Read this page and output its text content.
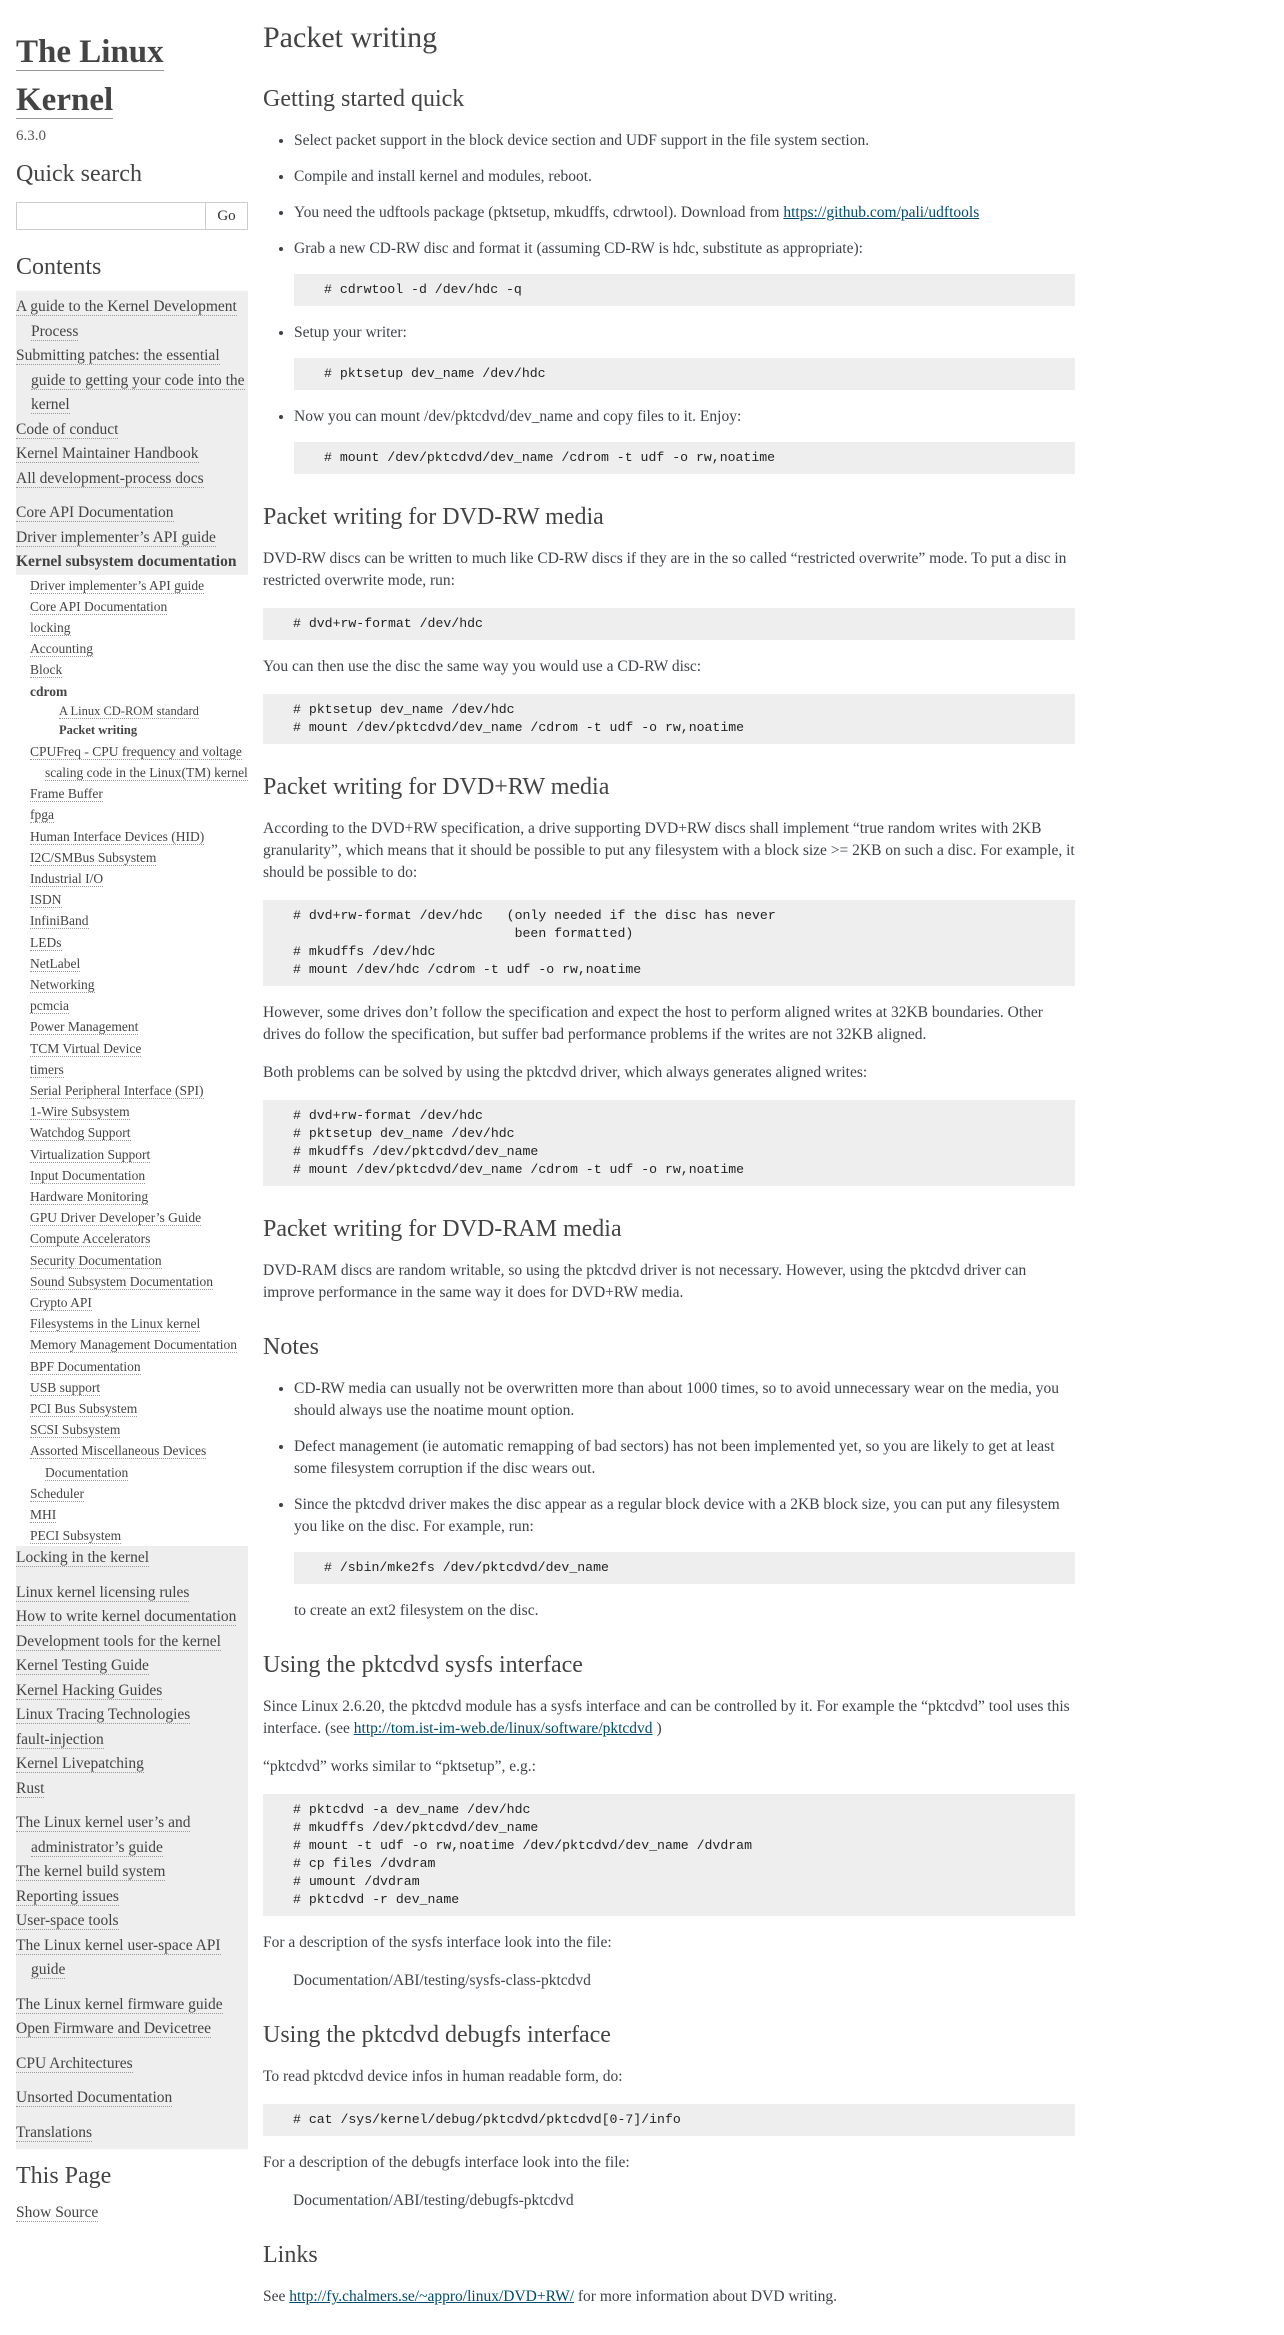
The Linux
Kernel
6.3.0
Quick search
Go
Contents
A guide to the Kernel Development Process
Submitting patches: the essential guide to getting your code into the kernel
Code of conduct
Kernel Maintainer Handbook
All development-process docs
Core API Documentation
Driver implementer’s API guide
Kernel subsystem documentation
Driver implementer’s API guide
Core API Documentation
locking
Accounting
Block
cdrom
A Linux CD-ROM standard
Packet writing
CPUFreq - CPU frequency and voltage scaling code in the Linux(TM) kernel
Frame Buffer
fpga
Human Interface Devices (HID)
I2C/SMBus Subsystem
Industrial I/O
ISDN
InfiniBand
LEDs
NetLabel
Networking
pcmcia
Power Management
TCM Virtual Device
timers
Serial Peripheral Interface (SPI)
1-Wire Subsystem
Watchdog Support
Virtualization Support
Input Documentation
Hardware Monitoring
GPU Driver Developer’s Guide
Compute Accelerators
Security Documentation
Sound Subsystem Documentation
Crypto API
Filesystems in the Linux kernel
Memory Management Documentation
BPF Documentation
USB support
PCI Bus Subsystem
SCSI Subsystem
Assorted Miscellaneous Devices Documentation
Scheduler
MHI
PECI Subsystem
Locking in the kernel
Linux kernel licensing rules
How to write kernel documentation
Development tools for the kernel
Kernel Testing Guide
Kernel Hacking Guides
Linux Tracing Technologies
fault-injection
Kernel Livepatching
Rust
The Linux kernel user’s and administrator’s guide
The kernel build system
Reporting issues
User-space tools
The Linux kernel user-space API guide
The Linux kernel firmware guide
Open Firmware and Devicetree
CPU Architectures
Unsorted Documentation
Translations
This Page
Show Source
Packet writing
Getting started quick

• Select packet support in the block device section and UDF support in the file system section.

• Compile and install kernel and modules, reboot.

• You need the udftools package (pktsetup, mkudffs, cdrwtool). Download from https://github.com/pali/udftools

• Grab a new CD-RW disc and format it (assuming CD-RW is hdc, substitute as appropriate):

# cdrwtool -d /dev/hdc -q

• Setup your writer:

# pktsetup dev_name /dev/hdc

• Now you can mount /dev/pktcdvd/dev_name and copy files to it. Enjoy:

# mount /dev/pktcdvd/dev_name /cdrom -t udf -o rw,noatime
Packet writing for DVD-RW media

DVD-RW discs can be written to much like CD-RW discs if they are in the so called “restricted overwrite” mode. To put a disc in restricted overwrite mode, run:

# dvd+rw-format /dev/hdc

You can then use the disc the same way you would use a CD-RW disc:

# pktsetup dev_name /dev/hdc
# mount /dev/pktcdvd/dev_name /cdrom -t udf -o rw,noatime
Packet writing for DVD+RW media

According to the DVD+RW specification, a drive supporting DVD+RW discs shall implement “true random writes with 2KB granularity”, which means that it should be possible to put any filesystem with a block size >= 2KB on such a disc. For example, it should be possible to do:

# dvd+rw-format /dev/hdc   (only needed if the disc has never
been formatted)
# mkudffs /dev/hdc
# mount /dev/hdc /cdrom -t udf -o rw,noatime

However, some drives don’t follow the specification and expect the host to perform aligned writes at 32KB boundaries. Other drives do follow the specification, but suffer bad performance problems if the writes are not 32KB aligned.

Both problems can be solved by using the pktcdvd driver, which always generates aligned writes:

# dvd+rw-format /dev/hdc
# pktsetup dev_name /dev/hdc
# mkudffs /dev/pktcdvd/dev_name
# mount /dev/pktcdvd/dev_name /cdrom -t udf -o rw,noatime
Packet writing for DVD-RAM media

DVD-RAM discs are random writable, so using the pktcdvd driver is not necessary. However, using the pktcdvd driver can improve performance in the same way it does for DVD+RW media.

Notes

• CD-RW media can usually not be overwritten more than about 1000 times, so to avoid unnecessary wear on the media, you should always use the noatime mount option.

• Defect management (ie automatic remapping of bad sectors) has not been implemented yet, so you are likely to get at least some filesystem corruption if the disc wears out.

• Since the pktcdvd driver makes the disc appear as a regular block device with a 2KB block size, you can put any filesystem you like on the disc. For example, run:

# /sbin/mke2fs /dev/pktcdvd/dev_name

to create an ext2 filesystem on the disc.

Using the pktcdvd sysfs interface

Since Linux 2.6.20, the pktcdvd module has a sysfs interface and can be controlled by it. For example the “pktcdvd” tool uses this interface. (see http://tom.ist-im-web.de/linux/software/pktcdvd )

“pktcdvd” works similar to “pktsetup”, e.g.:

# pktcdvd -a dev_name /dev/hdc
# mkudffs /dev/pktcdvd/dev_name
# mount -t udf -o rw,noatime /dev/pktcdvd/dev_name /dvdram
# cp files /dvdram
# umount /dvdram
# pktcdvd -r dev_name

For a description of the sysfs interface look into the file:

Documentation/ABI/testing/sysfs-class-pktcdvd
Using the pktcdvd debugfs interface

To read pktcdvd device infos in human readable form, do:

# cat /sys/kernel/debug/pktcdvd/pktcdvd[0-7]/info

For a description of the debugfs interface look into the file:

Documentation/ABI/testing/debugfs-pktcdvd
Links

See http://fy.chalmers.se/~appro/linux/DVD+RW/ for more information about DVD writing.
